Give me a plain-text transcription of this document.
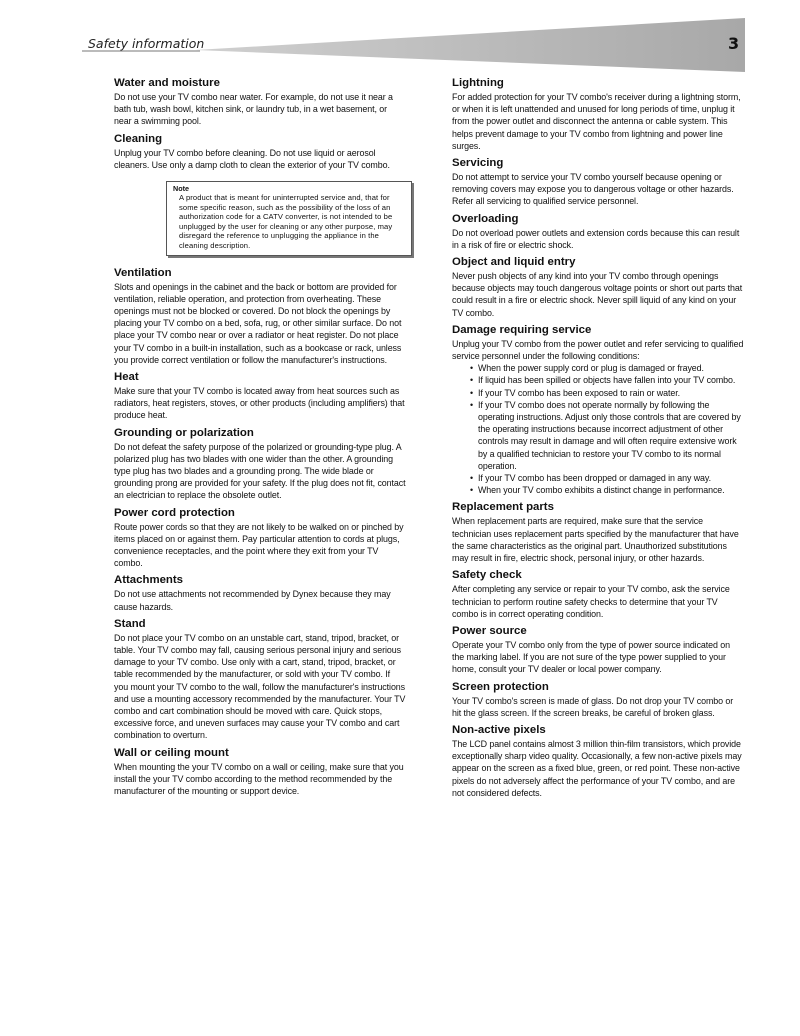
Safety information	3
Water and moisture

Do not use your TV combo near water. For example, do not use it near a bath tub, wash bowl, kitchen sink, or laundry tub, in a wet basement, or near a swimming pool.

Cleaning

Unplug your TV combo before cleaning. Do not use liquid or aerosol cleaners. Use only a damp cloth to clean the exterior of your TV combo.

Note

A product that is meant for uninterrupted service and, that for some specific reason, such as the possibility of the loss of an authorization code for a CATV converter, is not intended to be unplugged by the user for cleaning or any other purpose, may disregard the reference to unplugging the appliance in the cleaning description.

Ventilation

Slots and openings in the cabinet and the back or bottom are provided for ventilation, reliable operation, and protection from overheating. These openings must not be blocked or covered. Do not block the openings by placing your TV combo on a bed, sofa, rug, or other similar surface. Do not place your TV combo near or over a radiator or heat register. Do not place your TV combo in a built-in installation, such as a bookcase or rack, unless you provide correct ventilation or follow the manufacturer's instructions.

Heat

Make sure that your TV combo is located away from heat sources such as radiators, heat registers, stoves, or other products (including amplifiers) that produce heat.

Grounding or polarization

Do not defeat the safety purpose of the polarized or grounding-type plug. A polarized plug has two blades with one wider than the other. A grounding type plug has two blades and a grounding prong. The wide blade or grounding prong are provided for your safety. If the plug does not fit, contact an electrician to replace the obsolete outlet.

Power cord protection

Route power cords so that they are not likely to be walked on or pinched by items placed on or against them. Pay particular attention to cords at plugs, convenience receptacles, and the point where they exit from your TV combo.

Attachments

Do not use attachments not recommended by Dynex because they may cause hazards.

Stand

Do not place your TV combo on an unstable cart, stand, tripod, bracket, or table. Your TV combo may fall, causing serious personal injury and serious damage to your TV combo. Use only with a cart, stand, tripod, bracket, or table recommended by the manufacturer, or sold with your TV combo. If you mount your TV combo to the wall, follow the manufacturer's instructions and use a mounting accessory recommended by the manufacturer. Your TV combo and cart combination should be moved with care. Quick stops, excessive force, and uneven surfaces may cause your TV combo and cart combination to overturn.

Wall or ceiling mount

When mounting the your TV combo on a wall or ceiling, make sure that you install the your TV combo according to the method recommended by the manufacturer of the mounting or support device.

Lightning

For added protection for your TV combo's receiver during a lightning storm, or when it is left unattended and unused for long periods of time, unplug it from the power outlet and disconnect the antenna or cable system. This helps prevent damage to your TV combo from lightning and power line surges.

Servicing

Do not attempt to service your TV combo yourself because opening or removing covers may expose you to dangerous voltage or other hazards. Refer all servicing to qualified service personnel.

Overloading

Do not overload power outlets and extension cords because this can result in a risk of fire or electric shock.

Object and liquid entry

Never push objects of any kind into your TV combo through openings because objects may touch dangerous voltage points or short out parts that could result in a fire or electric shock. Never spill liquid of any kind on your TV combo.

Damage requiring service

Unplug your TV combo from the power outlet and refer servicing to qualified service personnel under the following conditions:

• When the power supply cord or plug is damaged or frayed.
• If liquid has been spilled or objects have fallen into your TV combo.
• If your TV combo has been exposed to rain or water.
• If your TV combo does not operate normally by following the operating instructions. Adjust only those controls that are covered by the operating instructions because incorrect adjustment of other controls may result in damage and will often require extensive work by a qualified technician to restore your TV combo to its normal operation.
• If your TV combo has been dropped or damaged in any way.
• When your TV combo exhibits a distinct change in performance.
Replacement parts

When replacement parts are required, make sure that the service technician uses replacement parts specified by the manufacturer that have the same characteristics as the original part. Unauthorized substitutions may result in fire, electric shock, personal injury, or other hazards.

Safety check

After completing any service or repair to your TV combo, ask the service technician to perform routine safety checks to determine that your TV combo is in correct operating condition.

Power source

Operate your TV combo only from the type of power source indicated on the marking label. If you are not sure of the type power supplied to your home, consult your TV dealer or local power company.

Screen protection

Your TV combo's screen is made of glass. Do not drop your TV combo or hit the glass screen. If the screen breaks, be careful of broken glass.

Non-active pixels

The LCD panel contains almost 3 million thin-film transistors, which provide exceptionally sharp video quality. Occasionally, a few non-active pixels may appear on the screen as a fixed blue, green, or red point. These non-active pixels do not adversely affect the performance of your TV combo, and are not considered defects.
